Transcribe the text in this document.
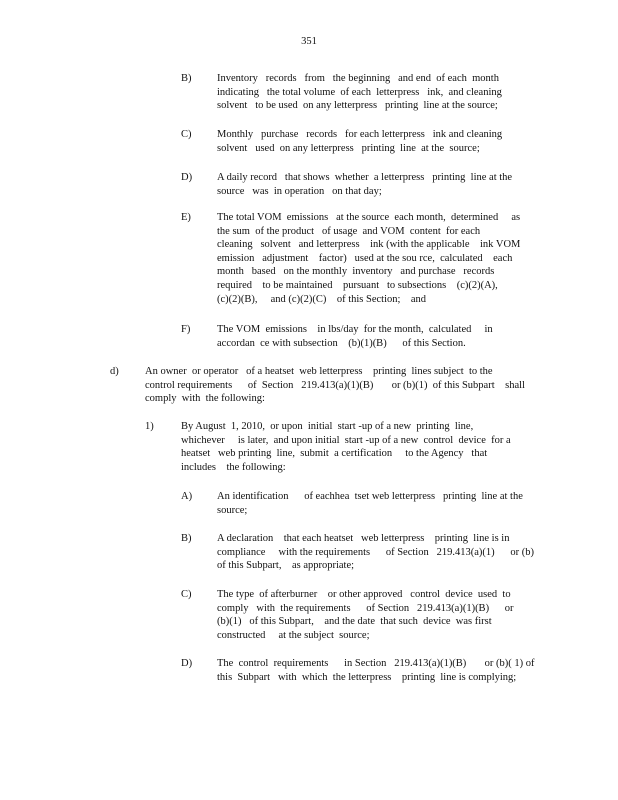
351
B) Inventory   records   from   the beginning   and end  of each  month
indicating   the total volume  of each  letterpress   ink,  and cleaning
solvent   to be used  on any letterpress   printing  line at the source;
C) Monthly   purchase   records   for each letterpress   ink and cleaning
solvent   used  on any letterpress   printing  line  at the  source;
D) A daily record   that shows  whether  a letterpress   printing  line at the
source   was  in operation   on that day;
E) The total VOM  emissions   at the source  each month,  determined     as
the sum  of the product   of usage  and VOM  content  for each
cleaning   solvent   and letterpress    ink (with the applicable    ink VOM
emission   adjustment    factor)   used at the sou rce,  calculated    each
month   based   on the monthly  inventory   and purchase   records
required    to be maintained    pursuant   to subsections    (c)(2)(A),
(c)(2)(B),     and (c)(2)(C)    of this Section;    and
F)	The VOM  emissions    in lbs/day  for the month,  calculated     in
accordan  ce with subsection    (b)(1)(B)      of this Section.
d)	An owner  or operator   of a heatset  web letterpress    printing  lines subject  to the
control requirements      of  Section   219.413(a)(1)(B)       or (b)(1)  of this Subpart    shall
comply  with  the following:
1)	By August  1, 2010,  or upon  initial  start -up of a new  printing  line,
whichever     is later,  and upon initial  start -up of a new  control  device  for a
heatset   web printing  line,  submit  a certification     to the Agency   that
includes    the following:
A) An identification      of eachhea  tset web letterpress   printing  line at the
source;
B) A declaration    that each heatset   web letterpress    printing  line is in
compliance     with the requirements      of Section   219.413(a)(1)      or (b)
of this Subpart,    as appropriate;
C) The type  of afterburner    or other approved   control  device  used  to
comply   with  the requirements      of Section   219.413(a)(1)(B)      or
(b)(1)   of this Subpart,    and the date  that such  device  was first
constructed     at the subject  source;
D) The  control  requirements      in Section   219.413(a)(1)(B)       or (b)( 1) of
this  Subpart   with  which  the letterpress    printing  line is complying;
